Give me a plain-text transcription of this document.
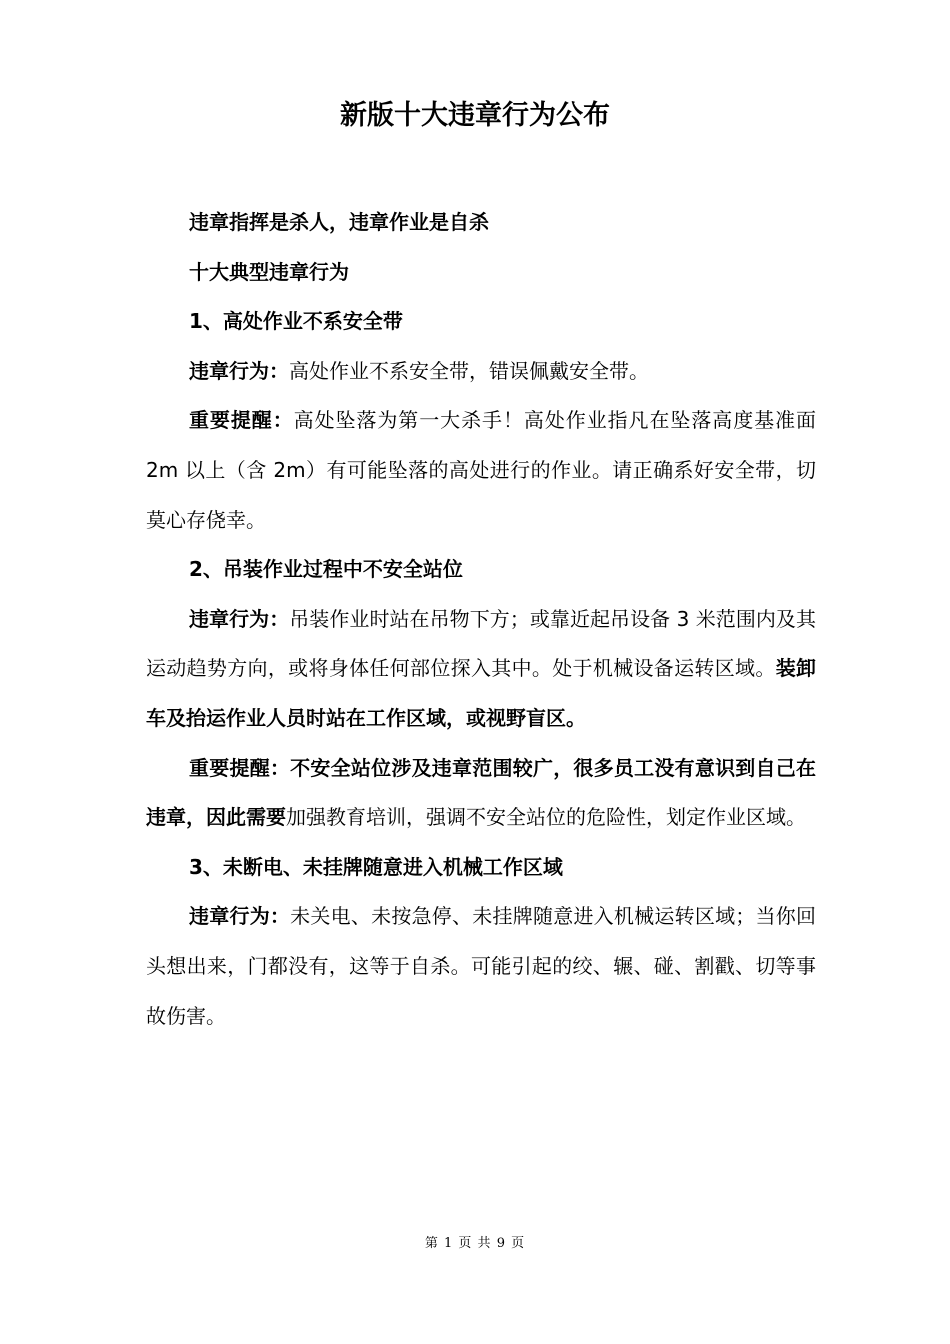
新版十大违章行为公布

违章指挥是杀人，违章作业是自杀

十大典型违章行为

1、高处作业不系安全带

违章行为：高处作业不系安全带，错误佩戴安全带。

重要提醒：高处坠落为第一大杀手！高处作业指凡在坠落高度基准面 2m 以上（含 2m）有可能坠落的高处进行的作业。请正确系好安全带，切莫心存侥幸。

2、吊装作业过程中不安全站位

违章行为：吊装作业时站在吊物下方；或靠近起吊设备 3 米范围内及其运动趋势方向，或将身体任何部位探入其中。处于机械设备运转区域。装卸车及抬运作业人员时站在工作区域，或视野盲区。

重要提醒：不安全站位涉及违章范围较广，很多员工没有意识到自己在违章，因此需要加强教育培训，强调不安全站位的危险性，划定作业区域。

3、未断电、未挂牌随意进入机械工作区域

违章行为：未关电、未按急停、未挂牌随意进入机械运转区域；当你回头想出来，门都没有，这等于自杀。可能引起的绞、辗、碰、割戳、切等事故伤害。

第 1 页 共 9 页
